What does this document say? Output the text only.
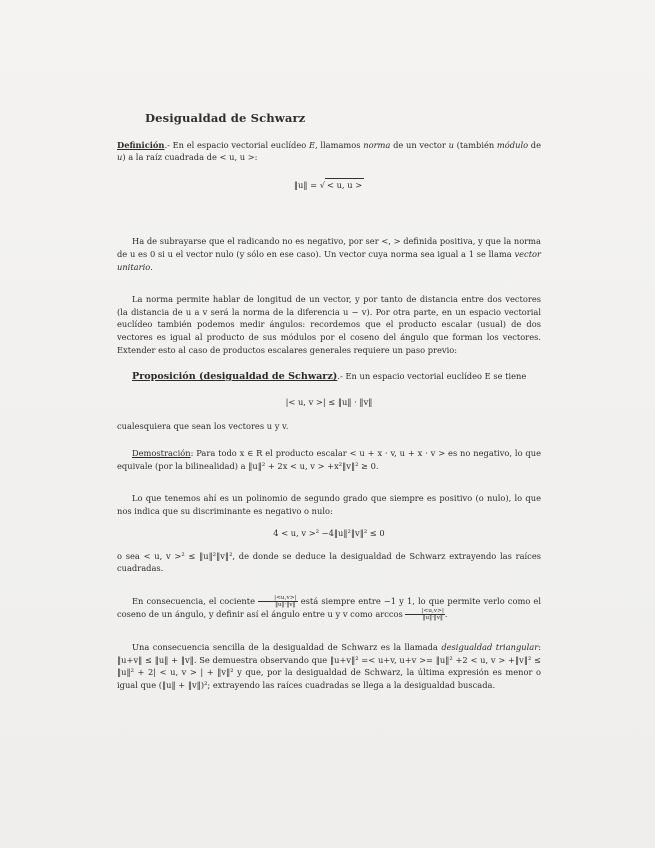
Desigualdad de Schwarz

Definición.- En el espacio vectorial euclídeo E, llamamos norma de un vector u (también módulo de u) a la raíz cuadrada de < u, u >:

‖u‖ = √ < u, u >

Ha de subrayarse que el radicando no es negativo, por ser <, > definida positiva, y que la norma de u es 0 si u el vector nulo (y sólo en ese caso). Un vector cuya norma sea igual a 1 se llama vector unitario.

La norma permite hablar de longitud de un vector, y por tanto de distancia entre dos vectores (la distancia de u a v será la norma de la diferencia u − v). Por otra parte, en un espacio vectorial euclídeo también podemos medir ángulos: recordemos que el producto escalar (usual) de dos vectores es igual al producto de sus módulos por el coseno del ángulo que forman los vectores. Extender esto al caso de productos escalares generales requiere un paso previo:

Proposición (desigualdad de Schwarz).- En un espacio vectorial euclídeo E se tiene

|< u, v >| ≤ ‖u‖ · ‖v‖

cualesquiera que sean los vectores u y v.

Demostración: Para todo x ∈ R el producto escalar < u + x · v, u + x · v > es no negativo, lo que equivale (por la bilinealidad) a ‖u‖² + 2x < u, v > +x²‖v‖² ≥ 0.

Lo que tenemos ahí es un polinomio de segundo grado que siempre es positivo (o nulo), lo que nos indica que su discriminante es negativo o nulo:

4 < u, v >² −4‖u‖²‖v‖² ≤ 0

o sea < u, v >² ≤ ‖u‖²‖v‖², de donde se deduce la desigualdad de Schwarz extrayendo las raíces cuadradas.

En consecuencia, el cociente $\frac{|<u,v>|}{‖u‖\cdot‖v‖}$ está siempre entre −1 y 1, lo que permite verlo como el coseno de un ángulo, y definir así el ángulo entre u y v como $\arccos \frac{|<u,v>|}{‖u‖\cdot‖v‖}$ .

Una consecuencia sencilla de la desigualdad de Schwarz es la llamada desigualdad triangular: ‖u+v‖ ≤ ‖u‖ + ‖v‖. Se demuestra observando que ‖u+v‖² =< u+v, u+v >= ‖u‖² +2 < u, v > +‖v‖² ≤ ‖u‖² + 2| < u, v > | + ‖v‖² y que, por la desigualdad de Schwarz, la última expresión es menor o igual que (‖u‖ + ‖v‖)²; extrayendo las raíces cuadradas se llega a la desigualdad buscada.
